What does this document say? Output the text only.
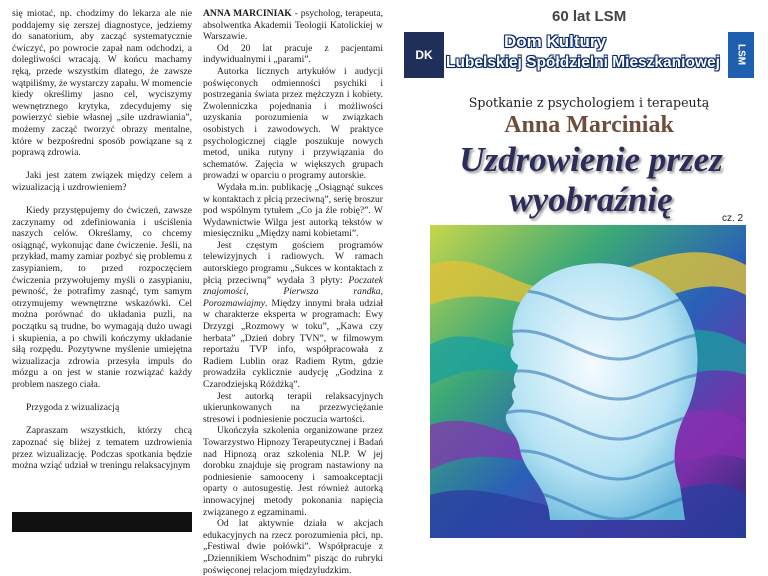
się miotać, np. chodzimy do lekarza ale nie poddajemy się zerszej diagnostyce, jedziemy do sanatorium, aby zacząć systematycznie ćwiczyć, po powrocie zapał nam odchodzi, a dolegliwości wracają. W końcu machamy ręką, przede wszystkim dlatego, że zawsze wątpiliśmy, że wystarczy zapału. W momencie kiedy określimy jasno cel, wyciszymy wewnętrznego krytyka, zdecydujemy się powierzyć siebie własnej „sile uzdrawiania”, możemy zacząć tworzyć obrazy mentalne, które w bezpośredni sposób powiązane są z poprawą zdrowia.

Jaki jest zatem związek między celem a wizualizacją i uzdrowieniem?

Kiedy przystępujemy do ćwiczeń, zawsze zaczynamy od zdefiniowania i uściślenia naszych celów. Określamy, co chcemy osiągnąć, wykonując dane ćwiczenie. Jeśli, na przykład, mamy zamiar pozbyć się problemu z zasypianiem, to przed rozpoczęciem ćwiczenia przywołujemy myśli o zasypianiu, pewność, że potrafimy zasnąć, tym samym otrzymujemy wewnętrzne wskazówki. Cel można porównać do układania puzli, na początku są trudne, bo wymagają dużo uwagi i skupienia, a po chwili kończymy układanie siłą rozpędu. Pozytywne myślenie umiejętna wizualizacja zdrowia przesyła impuls do mózgu a on jest w stanie rozwiązać każdy problem naszego ciała.

Przygoda z wizualizacją

Zapraszam wszystkich, którzy chcą zapoznać się bliżej z tematem uzdrowienia przez wizualizację. Podczas spotkania będzie można wziąć udział w treningu relaksacyjnym

ANNA MARCINIAK - psycholog, terapeuta, absolwentka Akademii Teologii Katolickiej w Warszawie.

Od 20 lat pracuje z pacjentami indywidualnymi i „parami”.

Autorka licznych artykułów i audycji poświęconych odmienności psychiki i postrzegania świata przez mężczyzn i kobiety. Zwolenniczka pojednania i możliwości uzyskania porozumienia w związkach osobistych i zawodowych. W praktyce psychologicznej ciągle poszukuje nowych metod, unika rutyny i przywiązania do schematów. Zajęcia w większych grupach prowadzi w oparciu o programy autorskie.

Wydała m.in. publikację „Osiągnąć sukces w kontaktach z płcią przeciwną”, serię broszur pod wspólnym tytułem „Co ja źle robię?”. W Wydawnictwie Wilga jest autorką tekstów w miesięczniku „Między nami kobietami”.

Jest częstym gościem programów telewizyjnych i radiowych. W ramach autorskiego programu „Sukces w kontaktach z płcią przeciwną” wydała 3 płyty: Poczatek znajomości, Pierwsza randka, Porozmawiajmy. Między innymi brała udział w charakterze eksperta w programach: Ewy Drzyzgi „Rozmowy w toku”, „Kawa czy herbata” „Dzień dobry TVN”, w filmowym reportażu TVP info, współpracowała z Radiem Lublin oraz Radiem Rytm, gdzie prowadziła cyklicznie audycję „Godzina z Czarodziejską Różdżką”.

Jest autorką terapii relaksacyjnych ukierunkowanych na przezwyciężanie stresowi i podniesienie poczucia wartości.

Ukończyła szkolenia organizowane przez Towarzystwo Hipnozy Terapeutycznej i Badań nad Hipnozą oraz szkolenia NLP. W jej dorobku znajduje się program nastawiony na podniesienie samooceny i samoakceptacji oparty o autosugestię. Jest również autorką innowacyjnej metody pokonania napięcia związanego z egzaminami.

Od lat aktywnie działa w akcjach edukacyjnych na rzecz porozumienia płci, np. „Festiwal dwie połówki”. Współpracuje z „Dziennikiem Wschodnim” pisząc do rubryki poświęconej relacjom międzyludzkim.

60 lat LSM
DK
Dom Kultury
Lubelskiej Spółdzielni Mieszkaniowej	LSM
Spotkanie z psychologiem i terapeutą
Anna Marciniak
Uzdrowienie przez
wyobraźnię	cz. 2
